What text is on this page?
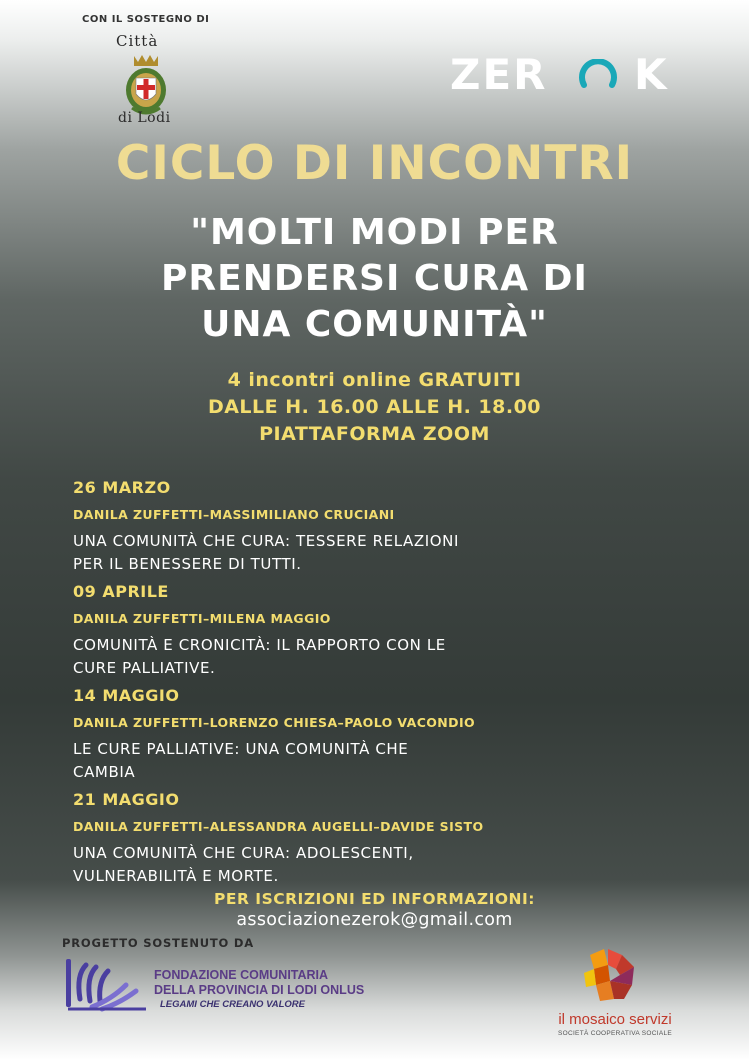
CON IL SOSTEGNO DI
Città
di Lodi
ZER K
CICLO DI INCONTRI
"MOLTI MODI PER
PRENDERSI CURA DI
UNA COMUNITÀ"
4 incontri online GRATUITI
DALLE H. 16.00 ALLE H. 18.00
PIATTAFORMA ZOOM
26 MARZO
DANILA ZUFFETTI–MASSIMILIANO CRUCIANI
UNA COMUNITÀ CHE CURA: TESSERE RELAZIONI
PER IL BENESSERE DI TUTTI.
09 APRILE
DANILA ZUFFETTI–MILENA MAGGIO
COMUNITÀ E CRONICITÀ: IL RAPPORTO CON LE
CURE PALLIATIVE.
14 MAGGIO
DANILA ZUFFETTI–LORENZO CHIESA–PAOLO VACONDIO
LE CURE PALLIATIVE: UNA COMUNITÀ CHE
CAMBIA
21 MAGGIO
DANILA ZUFFETTI–ALESSANDRA AUGELLI–DAVIDE SISTO
UNA COMUNITÀ CHE CURA: ADOLESCENTI,
VULNERABILITÀ E MORTE.
PER ISCRIZIONI ED INFORMAZIONI:
associazionezerok@gmail.com
PROGETTO SOSTENUTO DA
FONDAZIONE COMUNITARIA
DELLA PROVINCIA DI LODI ONLUS
LEGAMI CHE CREANO VALORE
il mosaico servizi
SOCIETÀ COOPERATIVA SOCIALE
